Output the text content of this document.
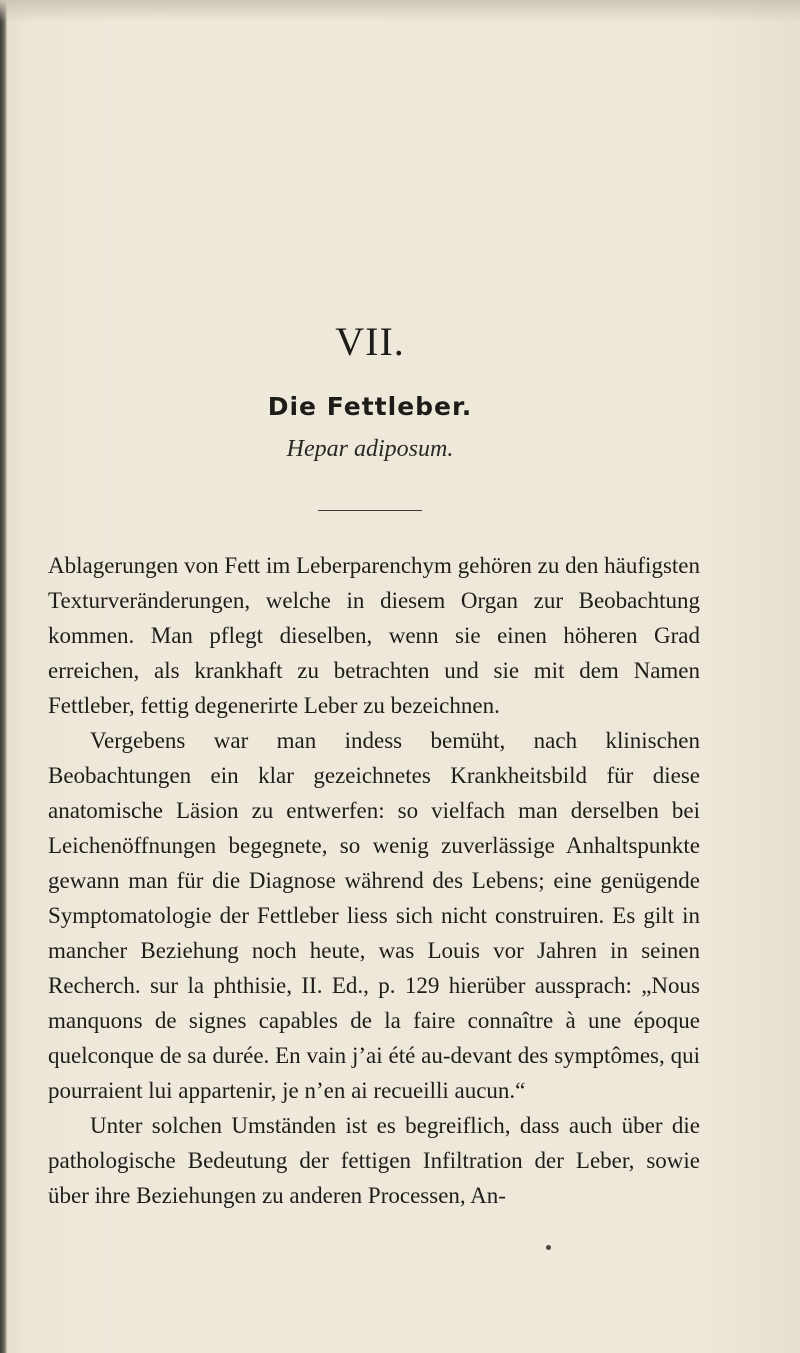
VII.
Die Fettleber.
Hepar adiposum.

Ablagerungen von Fett im Leberparenchym gehören zu den häufigsten Texturveränderungen, welche in diesem Organ zur Beobachtung kommen. Man pflegt dieselben, wenn sie einen höheren Grad erreichen, als krankhaft zu betrachten und sie mit dem Namen Fettleber, fettig degenerirte Leber zu bezeichnen.

Vergebens war man indess bemüht, nach klinischen Beobachtungen ein klar gezeichnetes Krankheitsbild für diese anatomische Läsion zu entwerfen: so vielfach man derselben bei Leichenöffnungen begegnete, so wenig zuverlässige Anhaltspunkte gewann man für die Diagnose während des Lebens; eine genügende Symptomatologie der Fettleber liess sich nicht construiren. Es gilt in mancher Beziehung noch heute, was Louis vor Jahren in seinen Recherch. sur la phthisie, II. Ed., p. 129 hierüber aussprach: „Nous manquons de signes capables de la faire connaître à une époque quelconque de sa durée. En vain j’ai été au-devant des symptômes, qui pourraient lui appartenir, je n’en ai recueilli aucun.“

Unter solchen Umständen ist es begreiflich, dass auch über die pathologische Bedeutung der fettigen Infiltration der Leber, sowie über ihre Beziehungen zu anderen Processen, An-
